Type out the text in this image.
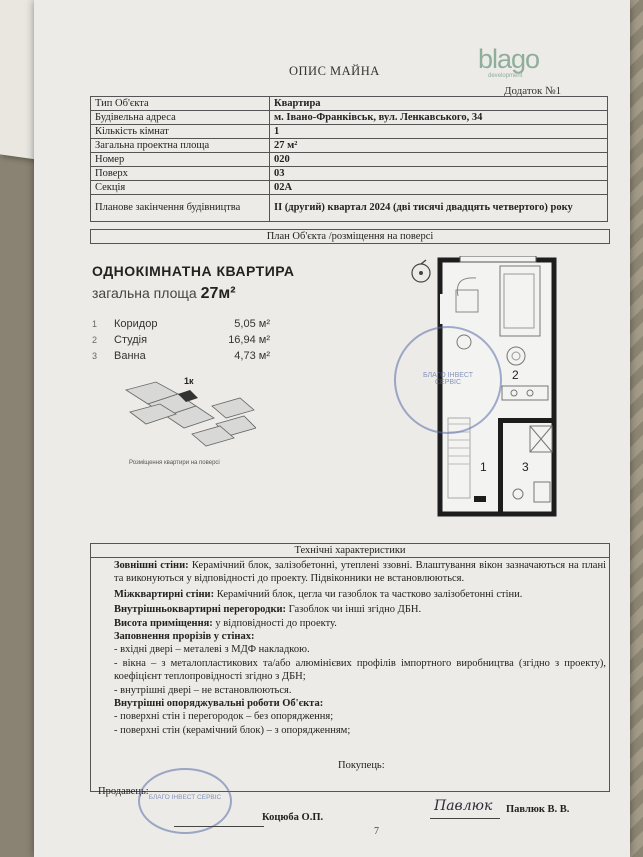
ОПИС МАЙНА	blago
development
Додаток №1
Тип Об'єкта	Квартира
Будівельна адреса	м. Івано-Франківськ, вул. Ленкавського, 34
Кількість кімнат	1
Загальна проектна площа	27 м²
Номер	020
Поверх	03
Секція	02А
Планове закінчення будівництва	ІІ (другий) квартал 2024 (дві тисячі двадцять четвертого) року
План Об'єкта /розміщення на поверсі
ОДНОКІМНАТНА КВАРТИРА
загальна площа 27м²
1 Коридор	5,05 м²
2 Студія	16,94 м²
3 Ванна	4,73 м²
1к
Розміщення квартири на поверсі
2
1	3
БЛАГО ІНВЕСТ СЕРВІС
Технічні характеристики

Зовнішні стіни: Керамічний блок, залізобетонні, утеплені ззовні. Влаштування вікон зазначаються на плані та виконуються у відповідності до проекту. Підвіконники не встановлюються.

Міжквартирні стіни: Керамічний блок, цегла чи газоблок та частково залізобетонні стіни.

Внутрішньоквартирні перегородки: Газоблок чи інші згідно ДБН.

Висота приміщення: у відповідності до проекту.

Заповнення прорізів у стінах:

- вхідні двері – металеві з МДФ накладкою.

- вікна – з металопластикових та/або алюмінієвих профілів імпортного виробництва (згідно з проекту), коефіцієнт теплопровідності згідно з ДБН;

- внутрішні двері – не встановлюються.

Внутрішні опоряджувальні роботи Об'єкта:

- поверхні стін і перегородок – без опорядження;

- поверхні стін (керамічний блок) – з опорядженням;

Продавець:
БЛАГО ІНВЕСТ СЕРВІС
Коцюба О.П.
Покупець:
Павлюк Павлюк В. В.
7
